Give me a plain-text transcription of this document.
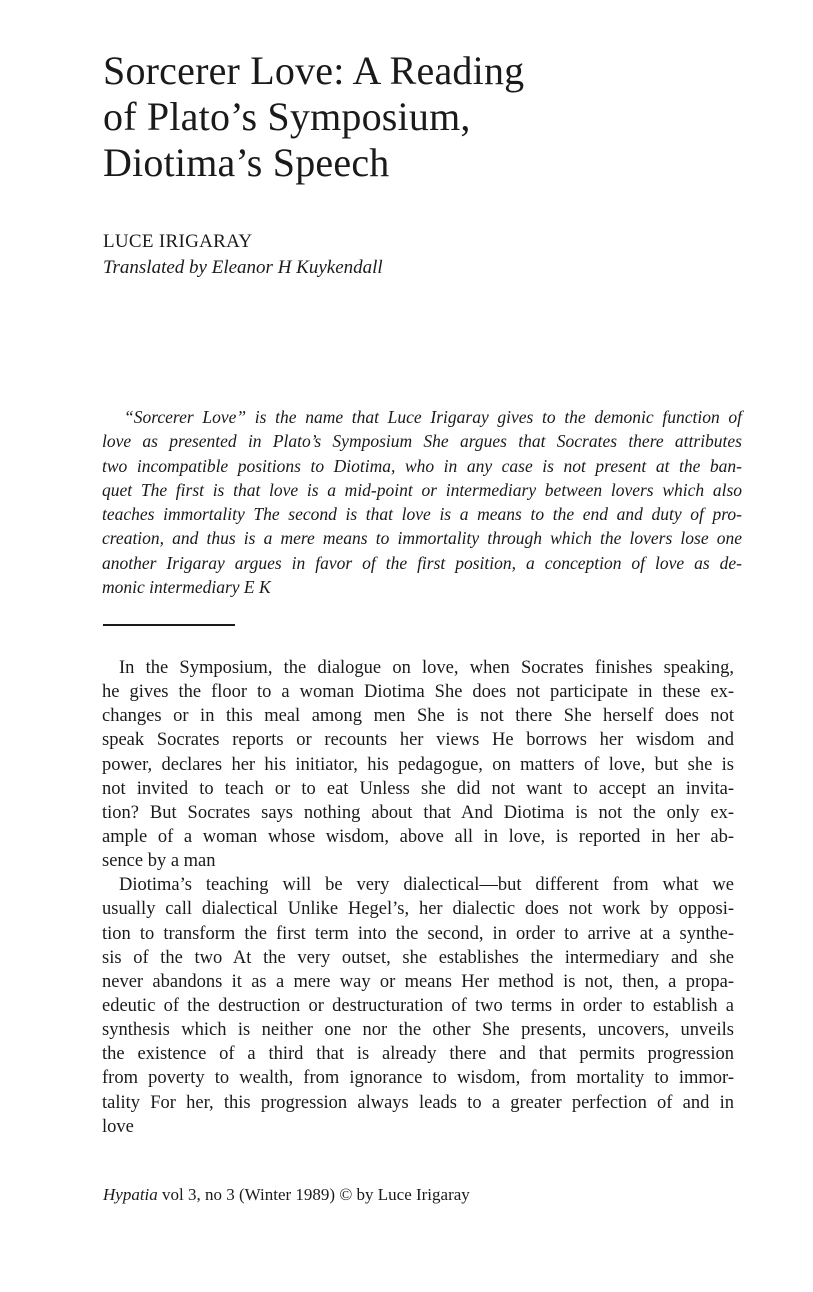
Sorcerer Love: A Reading
of Plato’s Symposium,
Diotima’s Speech

LUCE IRIGARAY

Translated by Eleanor H Kuykendall

“Sorcerer Love” is the name that Luce Irigaray gives to the demonic function of
love as presented in Plato’s Symposium She argues that Socrates there attributes
two incompatible positions to Diotima, who in any case is not present at the ban-
quet The first is that love is a mid-point or intermediary between lovers which also
teaches immortality The second is that love is a means to the end and duty of pro-
creation, and thus is a mere means to immortality through which the lovers lose one
another Irigaray argues in favor of the first position, a conception of love as de-
monic intermediary E K
In the Symposium, the dialogue on love, when Socrates finishes speaking,
he gives the floor to a woman Diotima She does not participate in these ex-
changes or in this meal among men She is not there She herself does not
speak Socrates reports or recounts her views He borrows her wisdom and
power, declares her his initiator, his pedagogue, on matters of love, but she is
not invited to teach or to eat Unless she did not want to accept an invita-
tion? But Socrates says nothing about that And Diotima is not the only ex-
ample of a woman whose wisdom, above all in love, is reported in her ab-
sence by a man
Diotima’s teaching will be very dialectical—but different from what we
usually call dialectical Unlike Hegel’s, her dialectic does not work by opposi-
tion to transform the first term into the second, in order to arrive at a synthe-
sis of the two At the very outset, she establishes the intermediary and she
never abandons it as a mere way or means Her method is not, then, a propa-
edeutic of the destruction or destructuration of two terms in order to establish a
synthesis which is neither one nor the other She presents, uncovers, unveils
the existence of a third that is already there and that permits progression
from poverty to wealth, from ignorance to wisdom, from mortality to immor-
tality For her, this progression always leads to a greater perfection of and in
love

Hypatia vol 3, no 3 (Winter 1989) © by Luce Irigaray
